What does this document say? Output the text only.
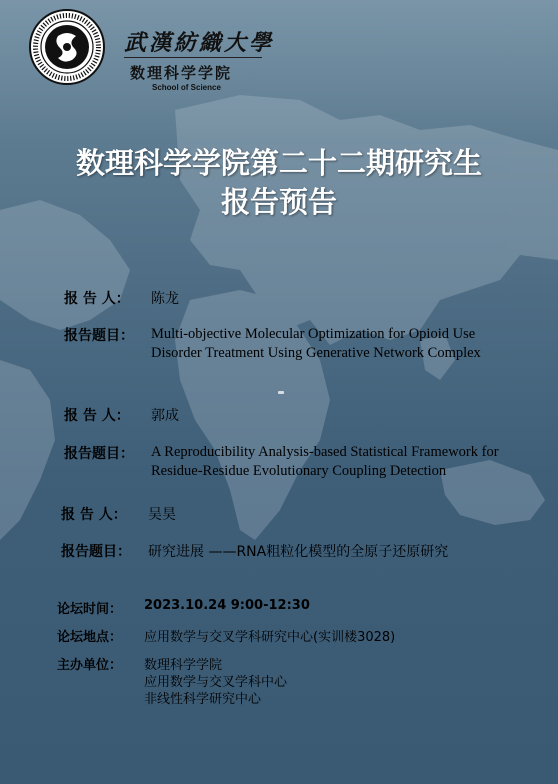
武漢紡織大學
数理科学学院
School of Science
数理科学学院第二十二期研究生
报告预告
报 告 人： 陈龙
报告题目： Multi-objective Molecular Optimization for Opioid Use
Disorder Treatment Using Generative Network Complex
报 告 人： 郭成
报告题目： A Reproducibility Analysis-based Statistical Framework for
Residue-Residue Evolutionary Coupling Detection
报 告 人： 吴昊
报告题目： 研究进展 ——RNA粗粒化模型的全原子还原研究
论坛时间： 2023.10.24 9:00-12:30
论坛地点： 应用数学与交叉学科研究中心(实训楼3028)
主办单位： 数理科学学院
应用数学与交叉学科中心
非线性科学研究中心
